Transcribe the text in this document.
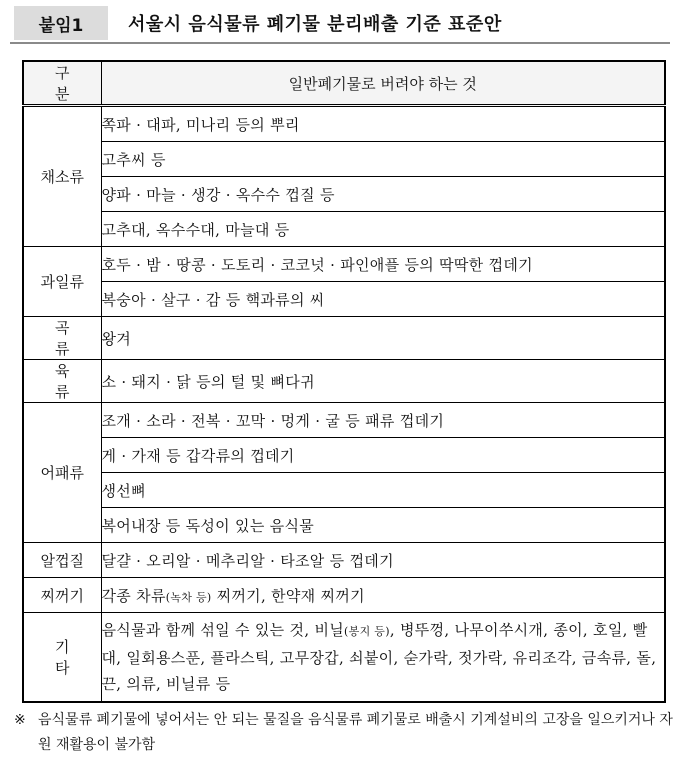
붙임1	서울시 음식물류 폐기물 분리배출 기준 표준안
구 분	일반폐기물로 버려야 하는 것
채소류	쪽파 · 대파, 미나리 등의 뿌리
	고추씨 등
	양파 · 마늘 · 생강 · 옥수수 껍질 등
	고추대, 옥수수대, 마늘대 등
과일류	호두 · 밤 · 땅콩 · 도토리 · 코코넛 · 파인애플 등의 딱딱한 껍데기
	복숭아 · 살구 · 감 등 핵과류의 씨
곡 류	왕겨
육 류	소 · 돼지 · 닭 등의 털 및 뼈다귀
어패류	조개 · 소라 · 전복 · 꼬막 · 멍게 · 굴 등 패류 껍데기
	게 · 가재 등 갑각류의 껍데기
	생선뼈
	복어내장 등 독성이 있는 음식물
알껍질	달걀 · 오리알 · 메추리알 · 타조알 등 껍데기
찌꺼기	각종 차류(녹차 등) 찌꺼기, 한약재 찌꺼기
기 타	음식물과 함께 섞일 수 있는 것, 비닐(봉지 등), 병뚜껑, 나무이쑤시개, 종이, 호일, 빨대, 일회용스푼, 플라스틱, 고무장갑, 쇠붙이, 숟가락, 젓가락, 유리조각, 금속류, 돌, 끈, 의류, 비닐류 등
※ 음식물류 폐기물에 넣어서는 안 되는 물질을 음식물류 폐기물로 배출시 기계설비의 고장을 일으키거나 자원 재활용이 불가함
